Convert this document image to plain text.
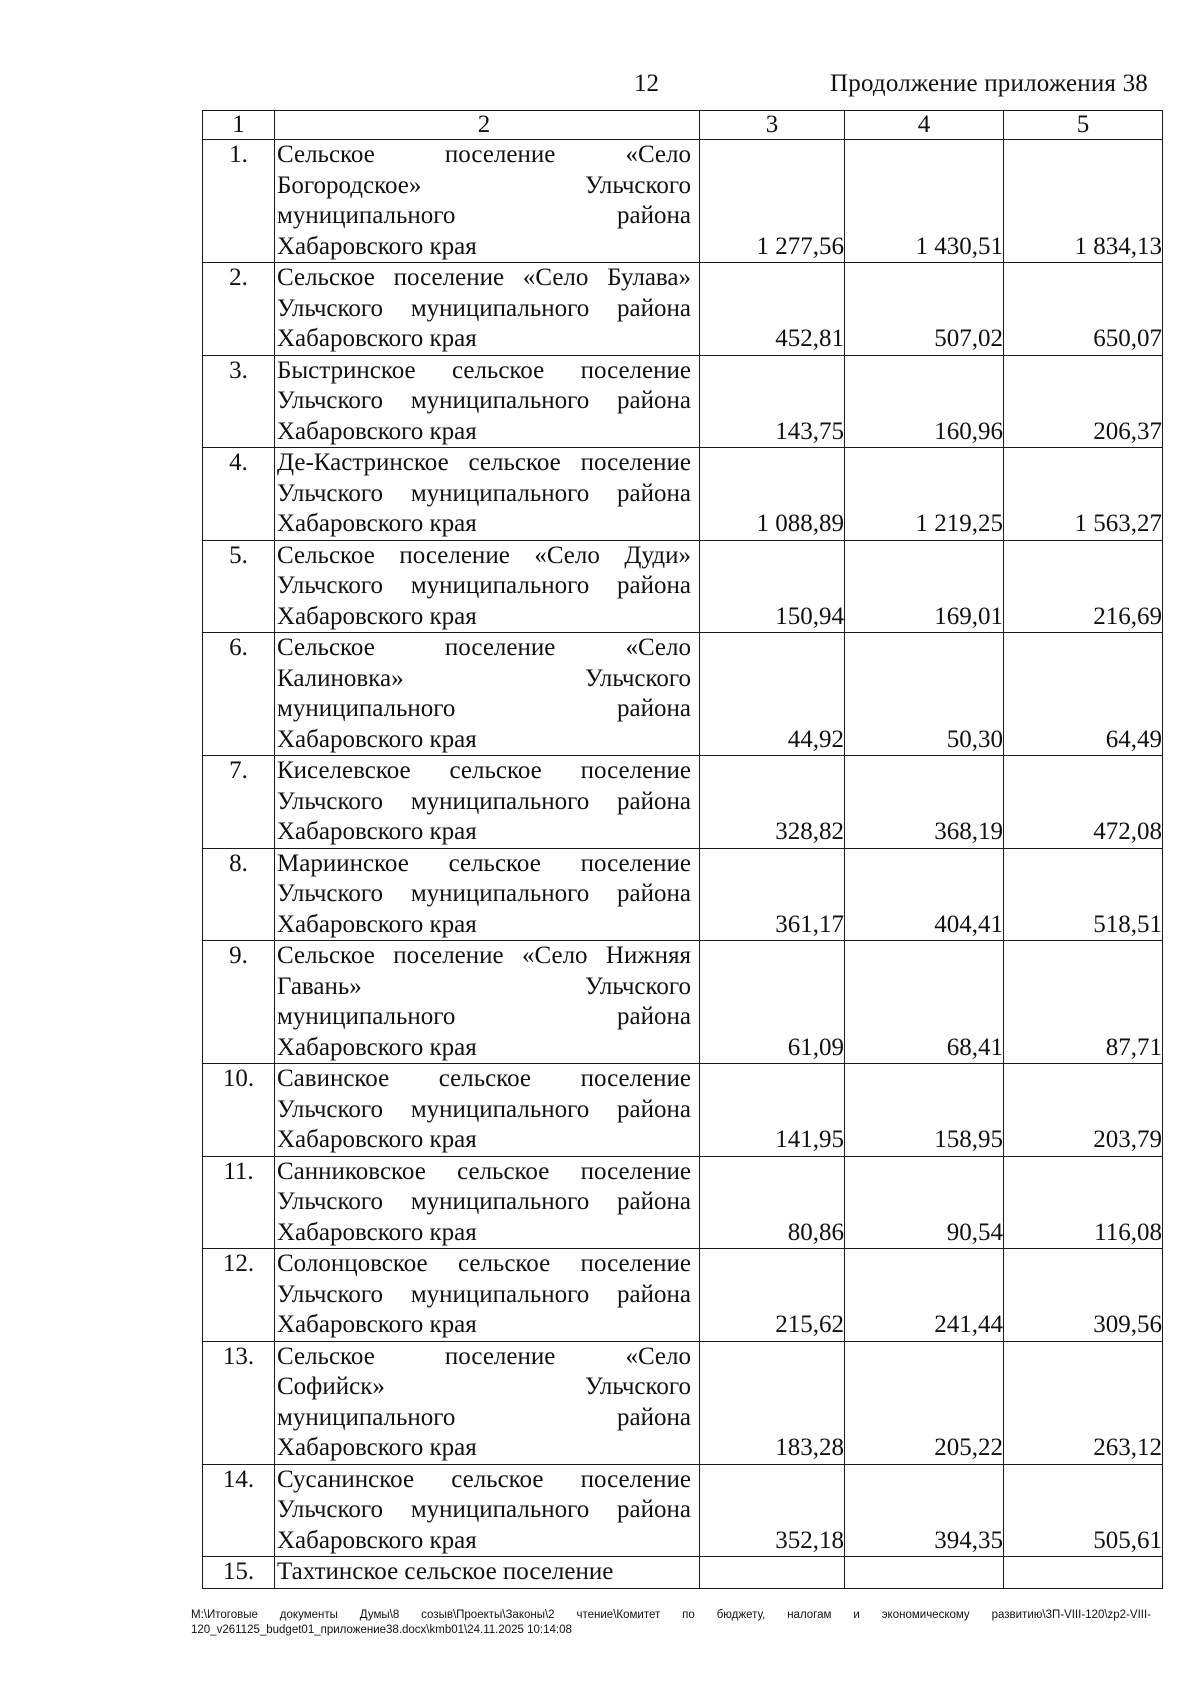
12	Продолжение приложения 38
1	2	3	4	5
1.	Сельское поселение «Село
Богородское» Ульчского
муниципального района
Хабаровского края	1 277,56	1 430,51	1 834,13
2.	Сельское поселение «Село Булава»
Ульчского муниципального района
Хабаровского края	452,81	507,02	650,07
3.	Быстринское сельское поселение
Ульчского муниципального района
Хабаровского края	143,75	160,96	206,37
4.	Де-Кастринское сельское поселение
Ульчского муниципального района
Хабаровского края	1 088,89	1 219,25	1 563,27
5.	Сельское поселение «Село Дуди»
Ульчского муниципального района
Хабаровского края	150,94	169,01	216,69
6.	Сельское поселение «Село
Калиновка» Ульчского
муниципального района
Хабаровского края	44,92	50,30	64,49
7.	Киселевское сельское поселение
Ульчского муниципального района
Хабаровского края	328,82	368,19	472,08
8.	Мариинское сельское поселение
Ульчского муниципального района
Хабаровского края	361,17	404,41	518,51
9.	Сельское поселение «Село Нижняя
Гавань» Ульчского
муниципального района
Хабаровского края	61,09	68,41	87,71
10.	Савинское сельское поселение
Ульчского муниципального района
Хабаровского края	141,95	158,95	203,79
11.	Санниковское сельское поселение
Ульчского муниципального района
Хабаровского края	80,86	90,54	116,08
12.	Солонцовское сельское поселение
Ульчского муниципального района
Хабаровского края	215,62	241,44	309,56
13.	Сельское поселение «Село
Софийск» Ульчского
муниципального района
Хабаровского края	183,28	205,22	263,12
14.	Сусанинское сельское поселение
Ульчского муниципального района
Хабаровского края	352,18	394,35	505,61
15.	Тахтинское сельское поселение			

M:\Итоговые документы Думы\8 созыв\Проекты\Законы\2 чтение\Комитет по бюджету, налогам и экономическому развитию\3П-VIII-120\zp2-VIII-120_v261125_budget01_приложение38.docx\kmb01\24.11.2025 10:14:08
